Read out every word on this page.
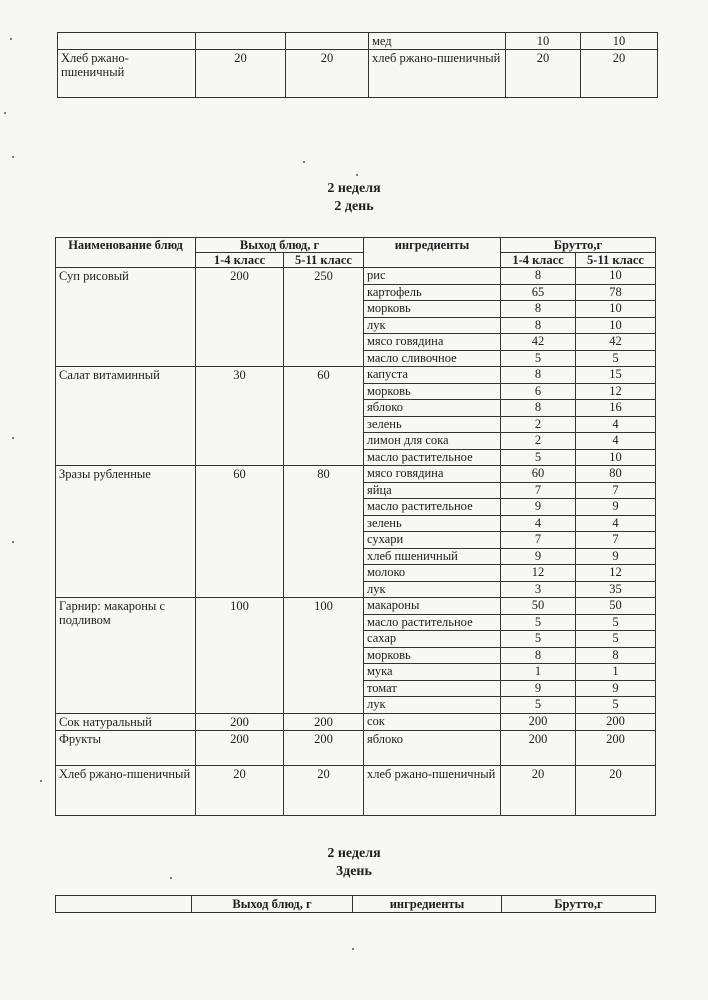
			мед	10	10
Хлеб ржано-пшеничный	20	20	хлеб ржано-пшеничный	20	20
2 неделя
2 день
Наименование блюд	Выход блюд, г		ингредиенты	Брутто,г	
	1-4 класс	5-11 класс		1-4 класс	5-11 класс
Суп рисовый	200	250	рис	8	10
			картофель	65	78
			морковь	8	10
			лук	8	10
			мясо говядина	42	42
			масло сливочное	5	5
Салат витаминный	30	60	капуста	8	15
			морковь	6	12
			яблоко	8	16
			зелень	2	4
			лимон для сока	2	4
			масло растительное	5	10
Зразы рубленные	60	80	мясо говядина	60	80
			яйца	7	7
			масло растительное	9	9
			зелень	4	4
			сухари	7	7
			хлеб пшеничный	9	9
			молоко	12	12
			лук	3	35
Гарнир: макароны с подливом	100	100	макароны	50	50
			масло растительное	5	5
			сахар	5	5
			морковь	8	8
			мука	1	1
			томат	9	9
			лук	5	5
Сок натуральный	200	200	сок	200	200
Фрукты	200	200	яблоко	200	200
Хлеб ржано-пшеничный	20	20	хлеб ржано-пшеничный	20	20
2 неделя
3день
	Выход блюд, г	ингредиенты	Брутто,г
